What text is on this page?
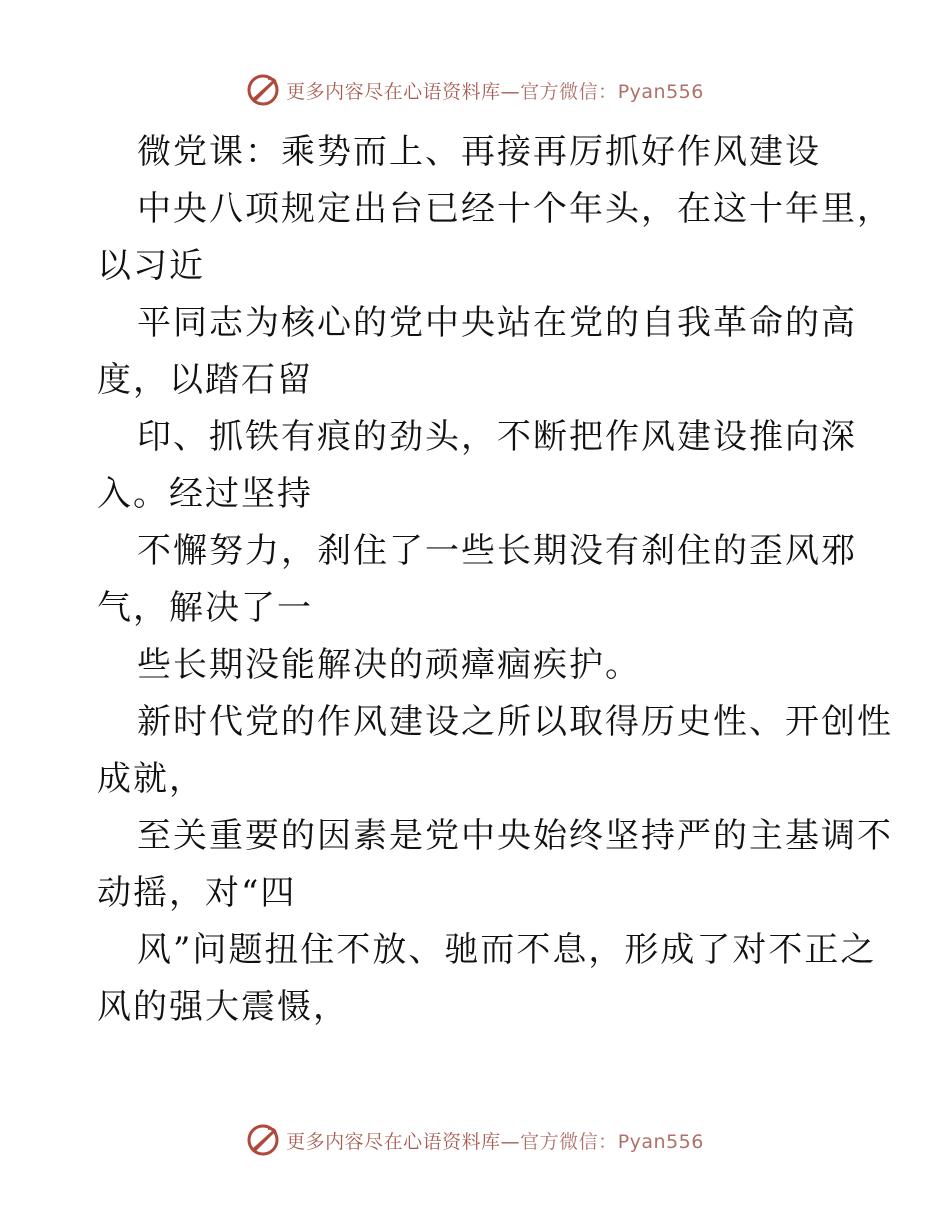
更多内容尽在心语资料库—官方微信：Pyan556
微党课：乘势而上、再接再厉抓好作风建设
中央八项规定出台已经十个年头，在这十年里，
以习近
平同志为核心的党中央站在党的自我革命的高
度，以踏石留
印、抓铁有痕的劲头，不断把作风建设推向深
入。经过坚持
不懈努力，刹住了一些长期没有刹住的歪风邪
气，解决了一
些长期没能解决的顽瘴痼疾护。
新时代党的作风建设之所以取得历史性、开创性
成就，
至关重要的因素是党中央始终坚持严的主基调不
动摇，对“四
风”问题扭住不放、驰而不息，形成了对不正之
风的强大震慑，
更多内容尽在心语资料库—官方微信：Pyan556
